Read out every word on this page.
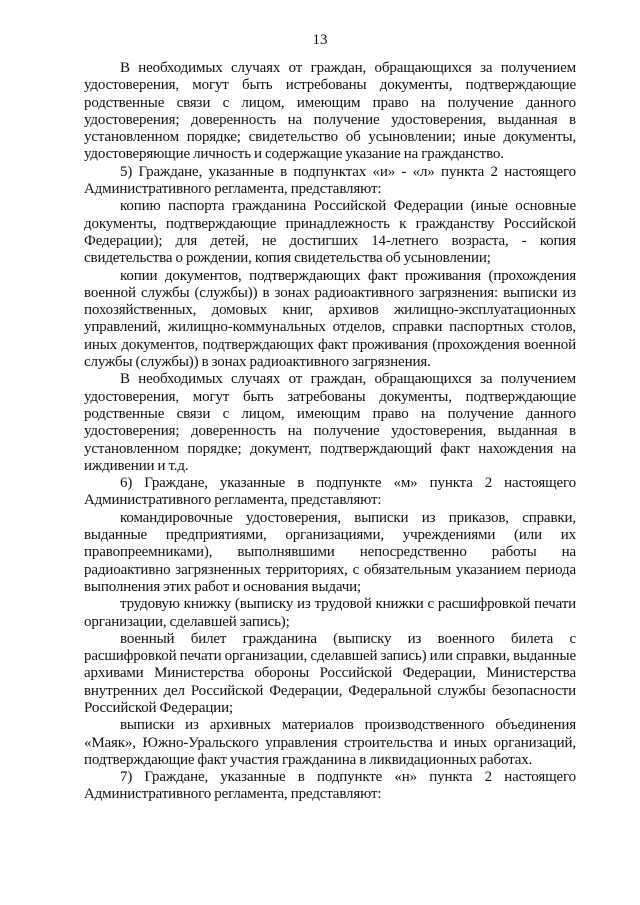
13

В необходимых случаях от граждан, обращающихся за получением удостоверения, могут быть истребованы документы, подтверждающие родственные связи с лицом, имеющим право на получение данного удостоверения; доверенность на получение удостоверения, выданная в установленном порядке; свидетельство об усыновлении; иные документы, удостоверяющие личность и содержащие указание на гражданство.

5) Граждане, указанные в подпунктах «и» - «л» пункта 2 настоящего Административного регламента, представляют:

копию паспорта гражданина Российской Федерации (иные основные документы, подтверждающие принадлежность к гражданству Российской Федерации); для детей, не достигших 14-летнего возраста, - копия свидетельства о рождении, копия свидетельства об усыновлении;

копии документов, подтверждающих факт проживания (прохождения военной службы (службы)) в зонах радиоактивного загрязнения: выписки из похозяйственных, домовых книг, архивов жилищно-эксплуатационных управлений, жилищно-коммунальных отделов, справки паспортных столов, иных документов, подтверждающих факт проживания (прохождения военной службы (службы)) в зонах радиоактивного загрязнения.

В необходимых случаях от граждан, обращающихся за получением удостоверения, могут быть затребованы документы, подтверждающие родственные связи с лицом, имеющим право на получение данного удостоверения; доверенность на получение удостоверения, выданная в установленном порядке; документ, подтверждающий факт нахождения на иждивении и т.д.

6) Граждане, указанные в подпункте «м» пункта 2 настоящего Административного регламента, представляют:

командировочные удостоверения, выписки из приказов, справки, выданные предприятиями, организациями, учреждениями (или их правопреемниками), выполнявшими непосредственно работы на радиоактивно загрязненных территориях, с обязательным указанием периода выполнения этих работ и основания выдачи;

трудовую книжку (выписку из трудовой книжки с расшифровкой печати организации, сделавшей запись);

военный билет гражданина (выписку из военного билета с расшифровкой печати организации, сделавшей запись) или справки, выданные архивами Министерства обороны Российской Федерации, Министерства внутренних дел Российской Федерации, Федеральной службы безопасности Российской Федерации;

выписки из архивных материалов производственного объединения «Маяк», Южно-Уральского управления строительства и иных организаций, подтверждающие факт участия гражданина в ликвидационных работах.

7) Граждане, указанные в подпункте «н» пункта 2 настоящего Административного регламента, представляют:
